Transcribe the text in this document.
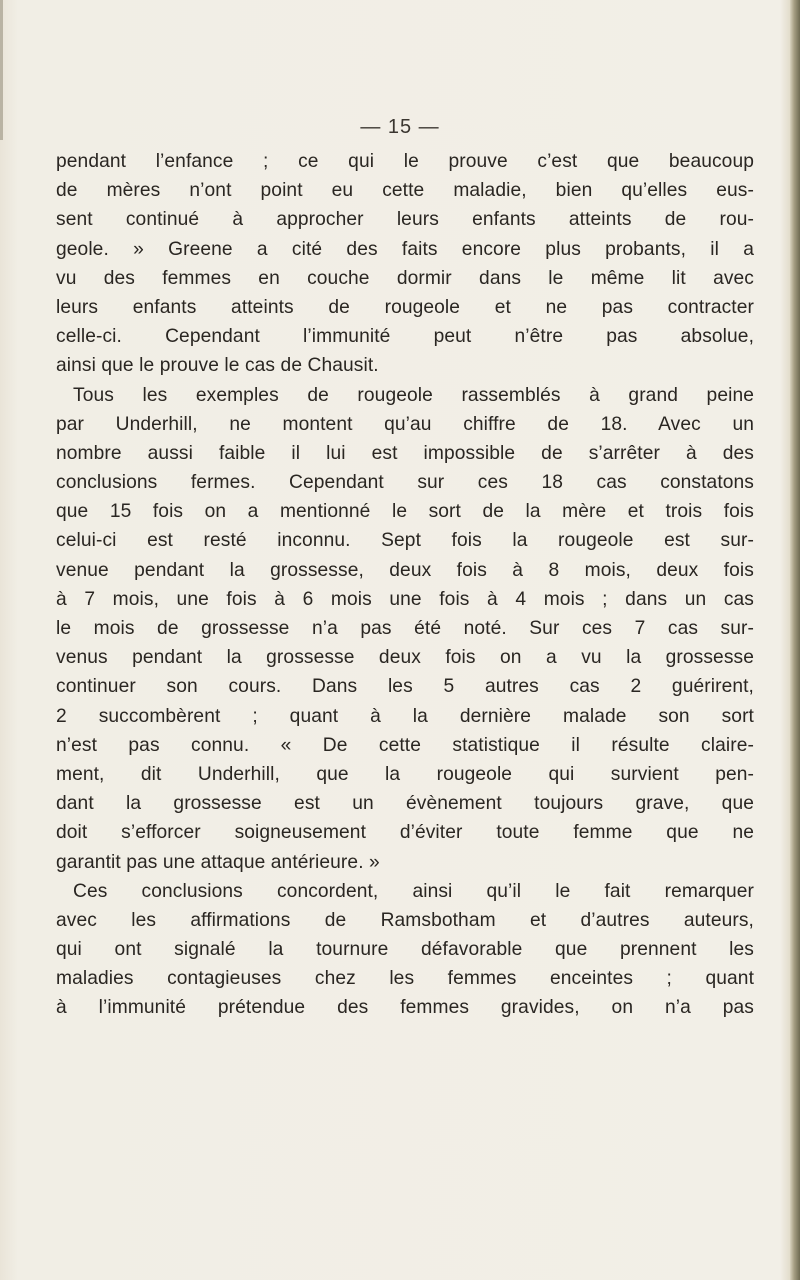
— 15 —
pendant l’enfance ; ce qui le prouve c’est que beaucoup
de mères n’ont point eu cette maladie, bien qu’elles eus-
sent continué à approcher leurs enfants atteints de rou-
geole. » Greene a cité des faits encore plus probants, il a
vu des femmes en couche dormir dans le même lit avec
leurs enfants atteints de rougeole et ne pas contracter
celle-ci. Cependant l’immunité peut n’être pas absolue,
ainsi que le prouve le cas de Chausit.
Tous les exemples de rougeole rassemblés à grand peine
par Underhill, ne montent qu’au chiffre de 18. Avec un
nombre aussi faible il lui est impossible de s’arrêter à des
conclusions fermes. Cependant sur ces 18 cas constatons
que 15 fois on a mentionné le sort de la mère et trois fois
celui-ci est resté inconnu. Sept fois la rougeole est sur-
venue pendant la grossesse, deux fois à 8 mois, deux fois
à 7 mois, une fois à 6 mois une fois à 4 mois ; dans un cas
le mois de grossesse n’a pas été noté. Sur ces 7 cas sur-
venus pendant la grossesse deux fois on a vu la grossesse
continuer son cours. Dans les 5 autres cas 2 guérirent,
2 succombèrent ; quant à la dernière malade son sort
n’est pas connu. « De cette statistique il résulte claire-
ment, dit Underhill, que la rougeole qui survient pen-
dant la grossesse est un évènement toujours grave, que
doit s’efforcer soigneusement d’éviter toute femme que ne
garantit pas une attaque antérieure. »
Ces conclusions concordent, ainsi qu’il le fait remarquer
avec les affirmations de Ramsbotham et d’autres auteurs,
qui ont signalé la tournure défavorable que prennent les
maladies contagieuses chez les femmes enceintes ; quant
à l’immunité prétendue des femmes gravides, on n’a pas
